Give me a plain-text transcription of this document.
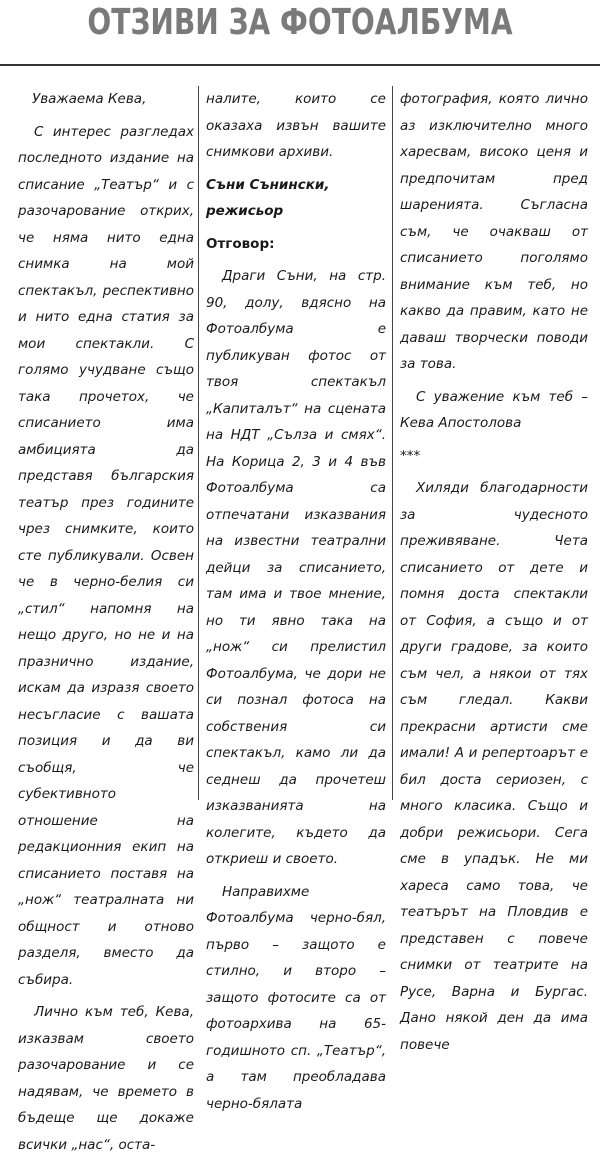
ОТЗИВИ ЗА ФОТОАЛБУМА

Уважаема Кева,

С интерес разгледах последното издание на списание „Театър“ и с разочарование открих, че няма нито една снимка на мой спектакъл, респективно и нито една статия за мои спектакли. С голямо учудване също така прочетох, че списанието има амбицията да представя българския театър през годините чрез снимките, които сте публикували. Освен че в черно-белия си „стил“ напомня на нещо друго, но не и на празнично издание, искам да изразя своето несъгласие с вашата позиция и да ви съобщя, че субективното отношение на редакционния екип на списанието поставя на „нож“ театралната ни общност и отново разделя, вместо да събира.

Лично към теб, Кева, изказвам своето разочарование и се надявам, че времето в бъдеще ще докаже всички „нас“, оста-

налите, които се оказаха извън вашите снимкови архиви.

Съни Сънински,

режисьор

Отговор:

Драги Съни, на стр. 90, долу, вдясно на Фотоалбума е публикуван фотос от твоя спектакъл „Капиталът“ на сцената на НДТ „Сълза и смях“. На Корица 2, 3 и 4 във Фотоалбума са отпечатани изказвания на известни театрални дейци за списанието, там има и твое мнение, но ти явно така на „нож“ си прелистил Фотоалбума, че дори не си познал фотоса на собствения си спектакъл, камо ли да седнеш да прочетеш изказванията на колегите, където да откриеш и своето.

Направихме Фотоалбума черно-бял, първо – защото е стилно, и второ – защото фотосите са от фотоархива на 65-годишното сп. „Театър“, а там преобладава черно-бялата

фотография, която лично аз изключително много харесвам, високо ценя и предпочитам пред шаренията. Съгласна съм, че очакваш от списанието поголямо внимание към теб, но какво да правим, като не даваш творчески поводи за това.

С уважение към теб – Кева Апостолова

***

Хиляди благодарности за чудесното преживяване. Чета списанието от дете и помня доста спектакли от София, а също и от други градове, за които съм чел, а някои от тях съм гледал. Какви прекрасни артисти сме имали! А и репертоарът е бил доста сериозен, с много класика. Също и добри режисьори. Сега сме в упадък. Не ми хареса само това, че театърът на Пловдив е представен с повече снимки от театрите на Русе, Варна и Бургас. Дано някой ден да има повече
